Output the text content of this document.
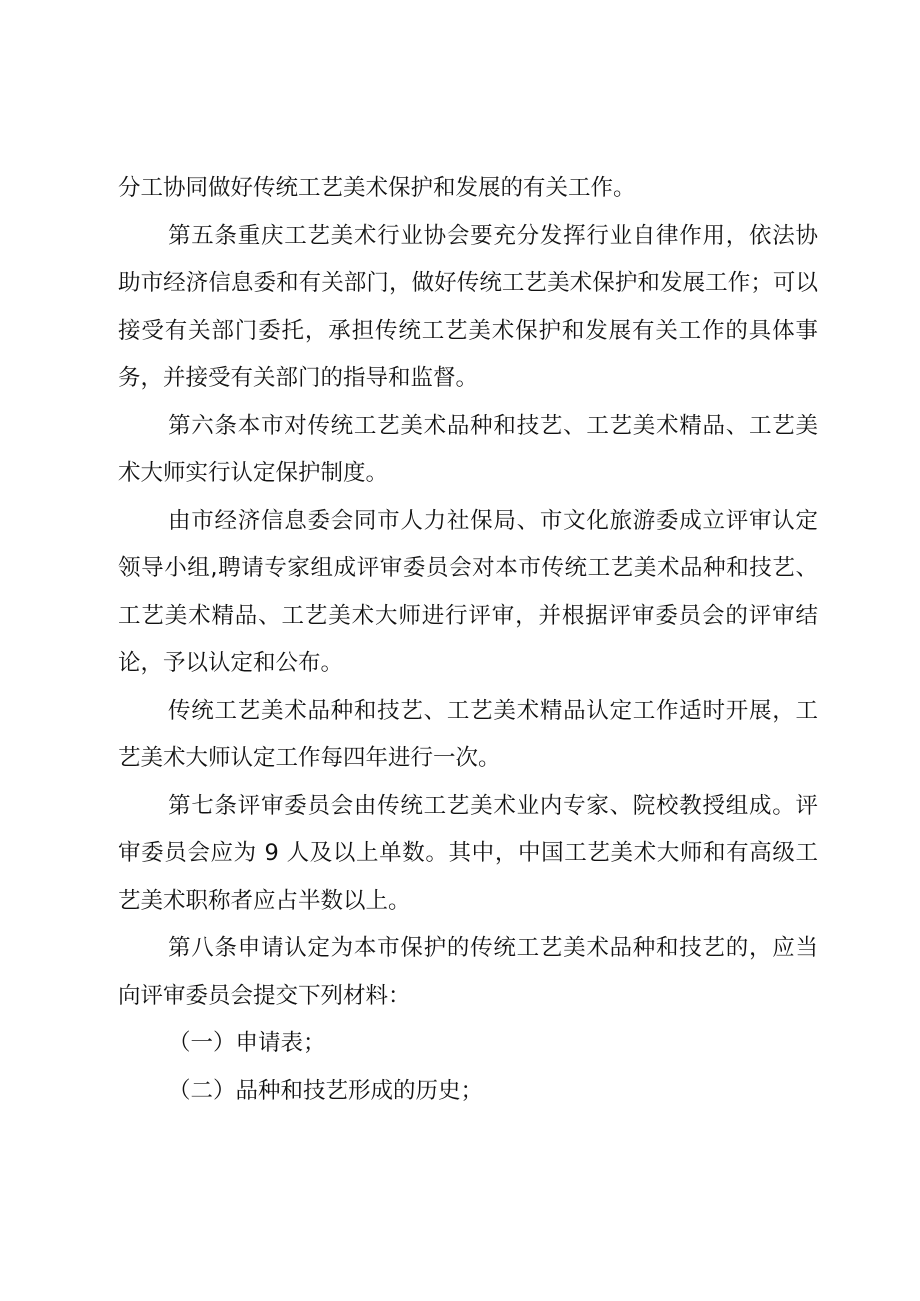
分工协同做好传统工艺美术保护和发展的有关工作。

第五条重庆工艺美术行业协会要充分发挥行业自律作用，依法协助市经济信息委和有关部门，做好传统工艺美术保护和发展工作；可以接受有关部门委托，承担传统工艺美术保护和发展有关工作的具体事务，并接受有关部门的指导和监督。

第六条本市对传统工艺美术品种和技艺、工艺美术精品、工艺美术大师实行认定保护制度。

由市经济信息委会同市人力社保局、市文化旅游委成立评审认定领导小组,聘请专家组成评审委员会对本市传统工艺美术品种和技艺、工艺美术精品、工艺美术大师进行评审，并根据评审委员会的评审结论，予以认定和公布。

传统工艺美术品种和技艺、工艺美术精品认定工作适时开展，工艺美术大师认定工作每四年进行一次。

第七条评审委员会由传统工艺美术业内专家、院校教授组成。评审委员会应为 9 人及以上单数。其中，中国工艺美术大师和有高级工艺美术职称者应占半数以上。

第八条申请认定为本市保护的传统工艺美术品种和技艺的，应当向评审委员会提交下列材料：

（一）申请表；

（二）品种和技艺形成的历史；
